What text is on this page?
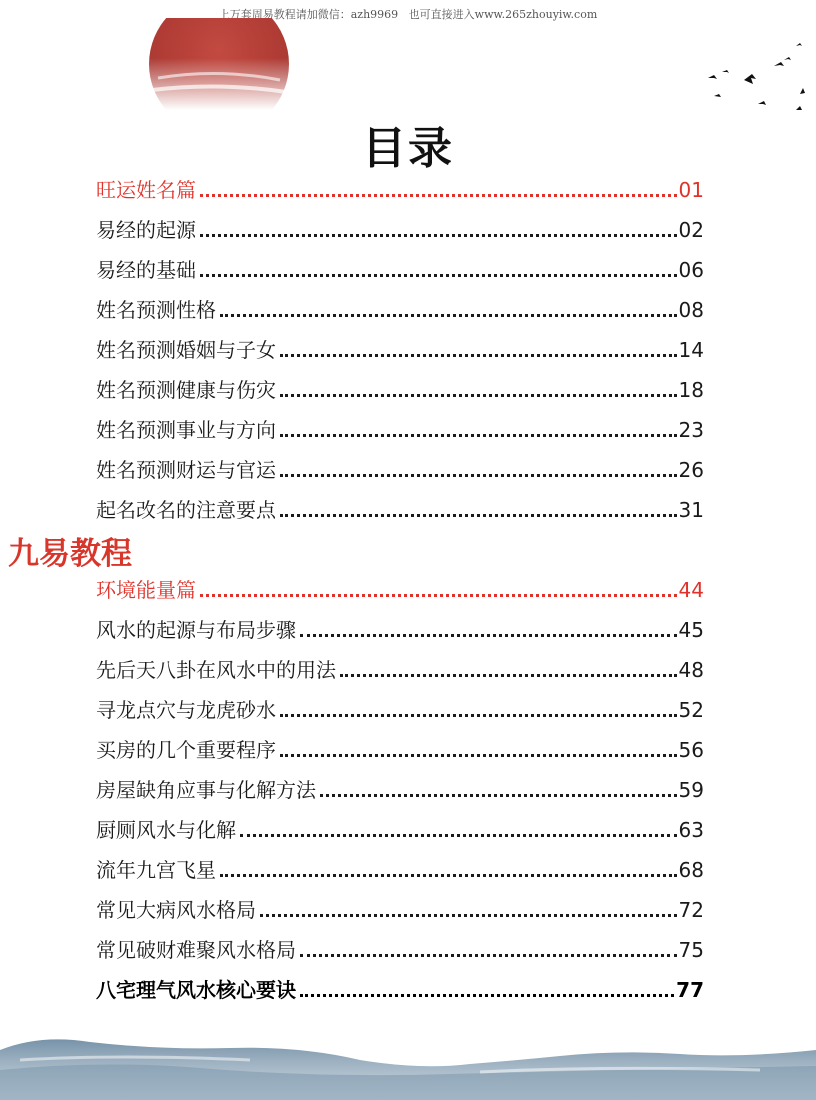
上万套周易教程请加微信：azh9969   也可直接进入www.265zhouyiw.com
目录
旺运姓名篇	01
易经的起源	02
易经的基础	06
姓名预测性格	08
姓名预测婚姻与子女	14
姓名预测健康与伤灾	18
姓名预测事业与方向	23
姓名预测财运与官运	26
起名改名的注意要点	31
九易教程
环境能量篇	44
风水的起源与布局步骤	45
先后天八卦在风水中的用法	48
寻龙点穴与龙虎砂水	52
买房的几个重要程序	56
房屋缺角应事与化解方法	59
厨厕风水与化解	63
流年九宫飞星	68
常见大病风水格局	72
常见破财难聚风水格局	75
八宅理气风水核心要诀	77
